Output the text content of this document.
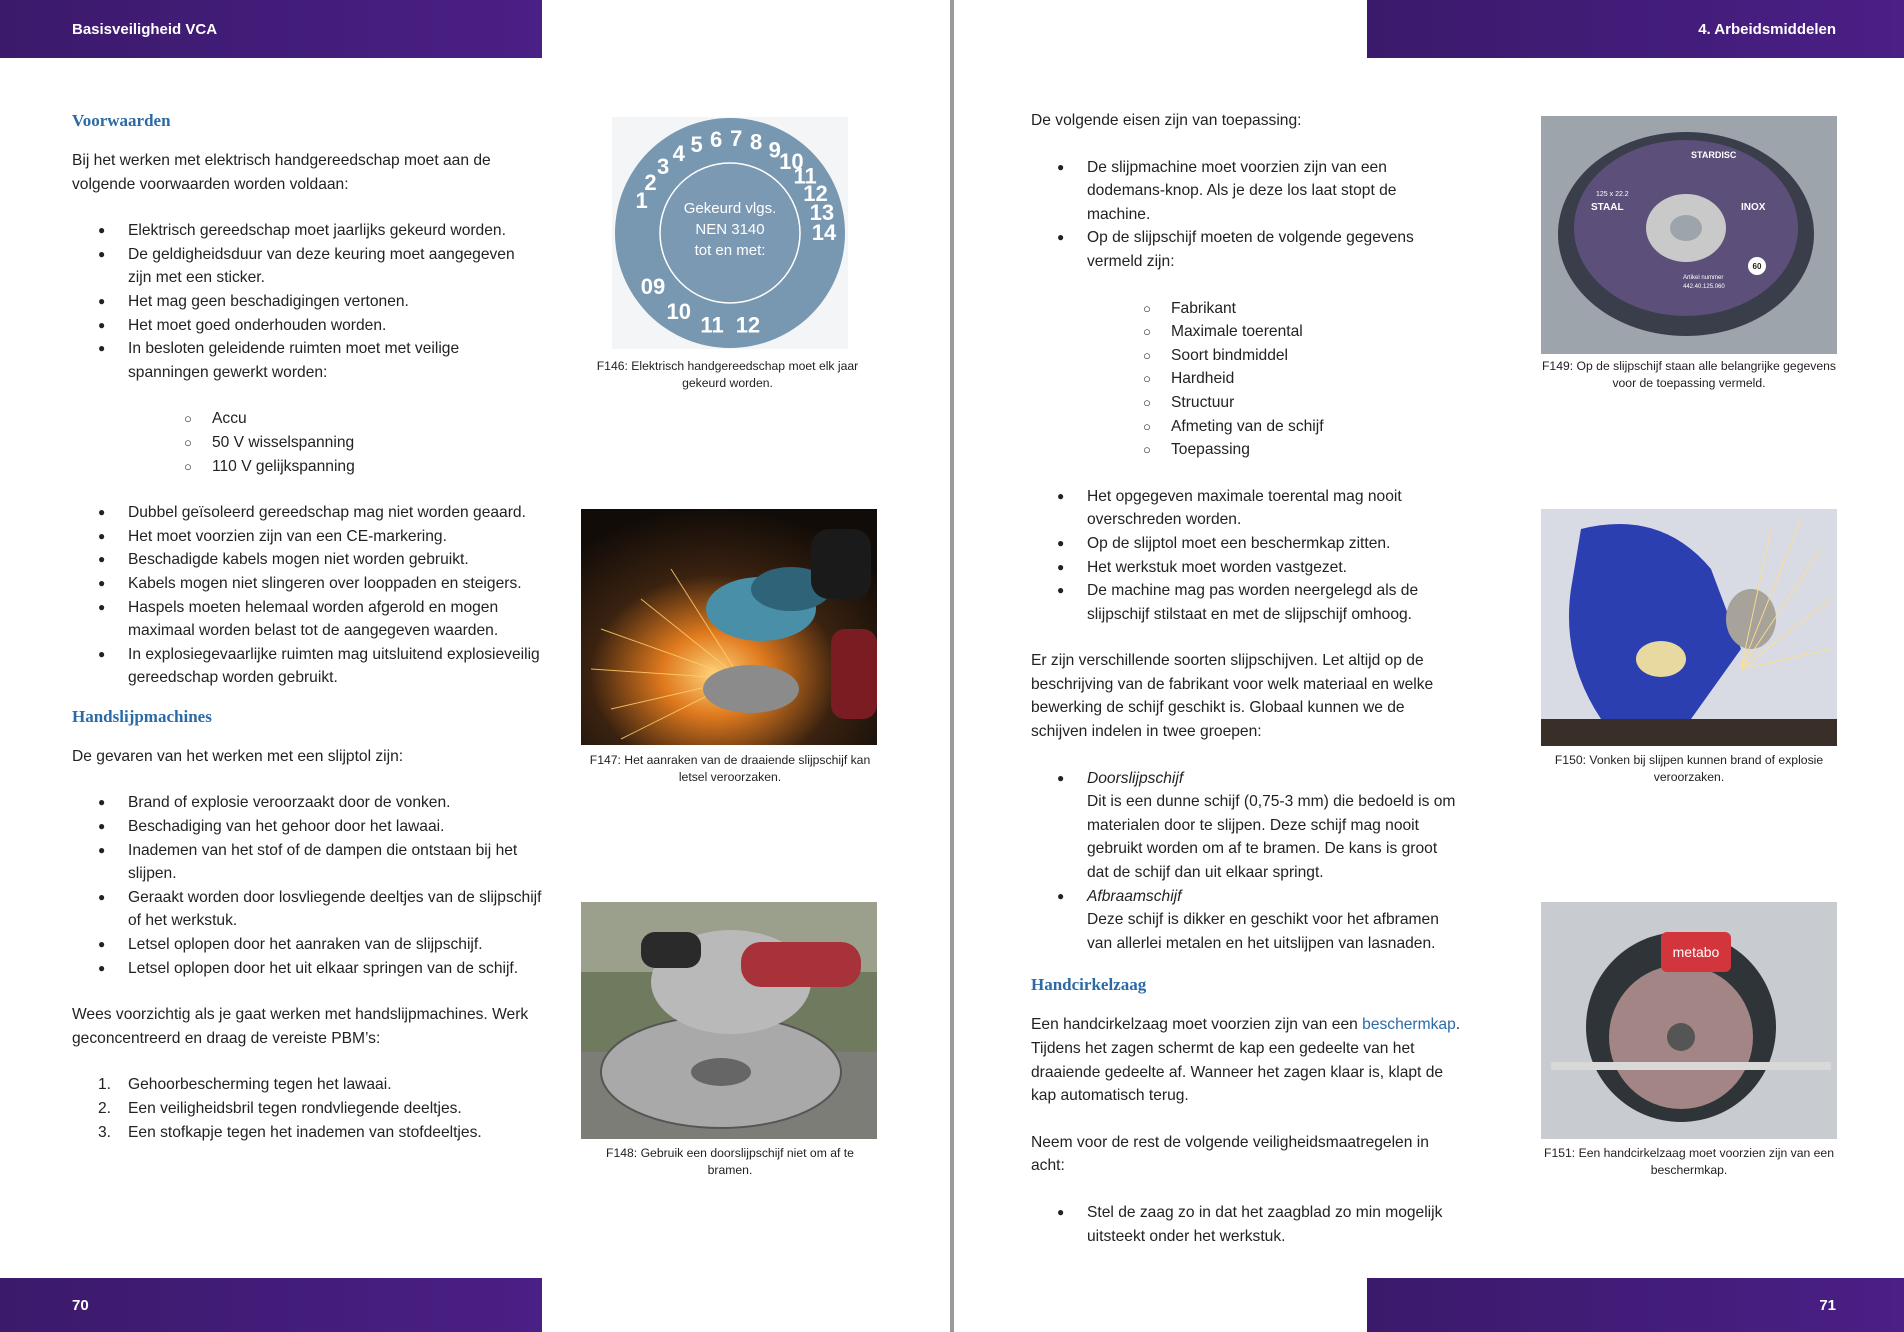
Basisveiligheid VCA
Voorwaarden

Bij het werken met elektrisch handgereedschap moet aan de volgende voorwaarden worden voldaan:

● Elektrisch gereedschap moet jaarlijks gekeurd worden.
● De geldigheidsduur van deze keuring moet aangegeven zijn met een sticker.
● Het mag geen beschadigingen vertonen.
● Het moet goed onderhouden worden.
● In besloten geleidende ruimten moet met veilige spanningen gewerkt worden:
○ Accu
○ 50 V wisselspanning
○ 110 V gelijkspanning
● Dubbel geïsoleerd gereedschap mag niet worden geaard.
● Het moet voorzien zijn van een CE-markering.
● Beschadigde kabels mogen niet worden gebruikt.
● Kabels mogen niet slingeren over looppaden en steigers.
● Haspels moeten helemaal worden afgerold en mogen maximaal worden belast tot de aangegeven waarden.
● In explosiegevaarlijke ruimten mag uitsluitend explosieveilig gereedschap worden gebruikt.
Handslijpmachines

De gevaren van het werken met een slijptol zijn:

● Brand of explosie veroorzaakt door de vonken.
● Beschadiging van het gehoor door het lawaai.
● Inademen van het stof of de dampen die ontstaan bij het slijpen.
● Geraakt worden door losvliegende deeltjes van de slijpschijf of het werkstuk.
● Letsel oplopen door het aanraken van de slijpschijf.
● Letsel oplopen door het uit elkaar springen van de schijf.

Wees voorzichtig als je gaat werken met handslijpmachines. Werk geconcentreerd en draag de vereiste PBM’s:

1. Gehoorbescherming tegen het lawaai.
2. Een veiligheidsbril tegen rondvliegende deeltjes.
3. Een stofkapje tegen het inademen van stofdeeltjes.
1
2
3
4 5 6 7 8 9
10
11
12
13
14
09
10
11 12
Gekeurd vlgs.
NEN 3140
tot en met:
F146: Elektrisch handgereedschap moet elk jaar gekeurd worden.
F147: Het aanraken van de draaiende slijpschijf kan letsel veroorzaken.
F148: Gebruik een doorslijpschijf niet om af te bramen.
70
4. Arbeidsmiddelen

De volgende eisen zijn van toepassing:

● De slijpmachine moet voorzien zijn van een dodemans-knop. Als je deze los laat stopt de machine.
● Op de slijpschijf moeten de volgende gegevens vermeld zijn:
○ Fabrikant
○ Maximale toerental
○ Soort bindmiddel
○ Hardheid
○ Structuur
○ Afmeting van de schijf
○ Toepassing
● Het opgegeven maximale toerental mag nooit overschreden worden.
● Op de slijptol moet een beschermkap zitten.
● Het werkstuk moet worden vastgezet.
● De machine mag pas worden neergelegd als de slijpschijf stilstaat en met de slijpschijf omhoog.

Er zijn verschillende soorten slijpschijven. Let altijd op de beschrijving van de fabrikant voor welk materiaal en welke bewerking de schijf geschikt is. Globaal kunnen we de schijven indelen in twee groepen:

● Doorslijpschijf
Dit is een dunne schijf (0,75-3 mm) die bedoeld is om materialen door te slijpen. Deze schijf mag nooit gebruikt worden om af te bramen. De kans is groot dat de schijf dan uit elkaar springt.
● Afbraamschijf
Deze schijf is dikker en geschikt voor het afbramen van allerlei metalen en het uitslijpen van lasnaden.
Handcirkelzaag

Een handcirkelzaag moet voorzien zijn van een beschermkap. Tijdens het zagen schermt de kap een gedeelte van het draaiende gedeelte af. Wanneer het zagen klaar is, klapt de kap automatisch terug.

Neem voor de rest de volgende veiligheidsmaatregelen in acht:

● Stel de zaag zo in dat het zaagblad zo min mogelijk uitsteekt onder het werkstuk.
STARDISC
125 x 22.2
STAAL	INOX
60
Artikel nummer
442.40.125.060
F149: Op de slijpschijf staan alle belangrijke gegevens voor de toepassing vermeld.
F150: Vonken bij slijpen kunnen brand of explosie veroorzaken.
metabo
F151: Een handcirkelzaag moet voorzien zijn van een beschermkap.
71
